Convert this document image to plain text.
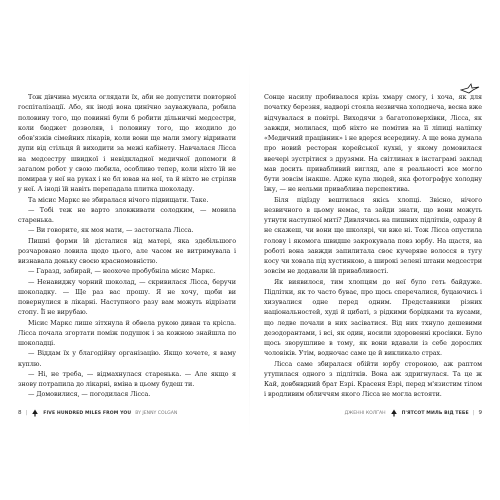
Тож дівчина мусила оглядати їх, аби не допустити повторної госпіталізації. Або, як іноді вона цинічно зауважувала, робила половину того, що повинні були б робити дільничні медсестри, коли бюджет дозволяв, і половину того, що входило до обов'язків сімейних лікарів, коли вони ще мали змогу відривати дупи від стільця й виходити за межі кабінету. Навчалася Лісса на медсестру швидкої і невідкладної медичної допомоги й загалом робот у свою любила, особливо тепер, коли ніхто їй не помирав у неї на руках і не бл ював на неї, та й ніхто не стріляв у неї. А іноді їй навіть перепадала плитка шоколаду.

Та місис Маркс не збиралася нічого підвищати. Таке.

— Тобі теж не варто зловживати солодким, — мовила старенька.

— Ви говорите, як моя мати, — застогнала Лісса.

Пишні форми їй дісталися від матері, яка здебільшого розчаровано ловила щодо цього, але часом не витримувала і визнавала доньку своєю красномовністю.

— Гаразд, забирай, — неохоче пробубніла місис Маркс.

— Ненавиджу чорний шоколад, — скривилася Лісса, беручи шоколадку. — Ще раз вас прошу. Я не хочу, щоби ви повернулися в лікарні. Наступного разу вам можуть відрізати стопу. Її не вирубаю.

Місис Маркс лише зітхнула й обвела рукою диван та крісла. Лісса почала згортати поміж подушок і за кожною знайшла по шоколадці.

— Віддам їх у благодійну організацію. Якщо хочете, я ваму куплю.

— Ні, не треба, — відмахнулася старенька. — Але якщо я знову потрапила до лікарні, вміна в цьому будеш ти.

— Домовилися, — погодилася Лісса.

Сонце насилу пробивалося крізь хмару смогу, і хоча, як для початку березня, надворі стояла незвична холоднеча, весна вже відчувалася в повітрі. Виходячи з багатоповерхівки, Лісса, як завжди, молилася, щоб ніхто не помітив на її ліпиці наліпку «Медичний працівник» і не вдерся всередину. А ще вона думала про новий ресторан корейської кухні, у якому домовилася ввечері зустрітися з друзями. На світлинах в інстаграмі заклад мав досить привабливий вигляд, але я реальності все могло бути зовсім інакше. Адже купа людей, яка фотографує холодну їжу, — не нельми приваблива перспектива.

Біля підїзду вештилася якісь хлопці. Звісно, нічого незвичного в цьому немає, та зайди знати, що вони можуть утнути наступної миті? Дивлячись на пишних підлітків, одразу й не скажеш, чи вони ще школярі, чи вже ні. Тож Лісса опустила голову і якомога швидше закрокувала повз юрбу. На щастя, на роботі вона завжди запилитала своє кучеряве волосся в тугу косу чи ховала під хустинкою, а широкі зелені штани медсестри зовсім не додавали їй привабливості.

Як виявилося, тим хлопцям до неї було геть байдуже. Підлітки, як то часто буває, про щось сперечалися, буцаючись і хизувалися одне перед одним. Представники різних національностей, худі й цибаті, з рідкими борідками та вусами, що ледве почали в них засіватися. Від них тхнуло дешевими дезодорантами, і всі, як один, носили здоровенні кросівки. Було щось зворушливе в тому, як вони вдавали із себе дорослих чоловіків. Утім, водночас саме це й викликало страх.

Лісса саме збиралася обійти юрбу стороною, аж раптом утупилася одного з підлітків. Вона аж здригнулася. Та це ж Кай, довбнвдний брат Езрі. Красеня Езрі, перед м'язистим тілом і вродливим обличчям якого Лісса не могла встояти.

8 |	FIVE HUNDRED MILES FROM YOU BY JENNY COLGAN	ДЖЕННІ КОЛҐАН	П'ЯТСОТ МИЛЬ ВІД ТЕБЕ | 9
